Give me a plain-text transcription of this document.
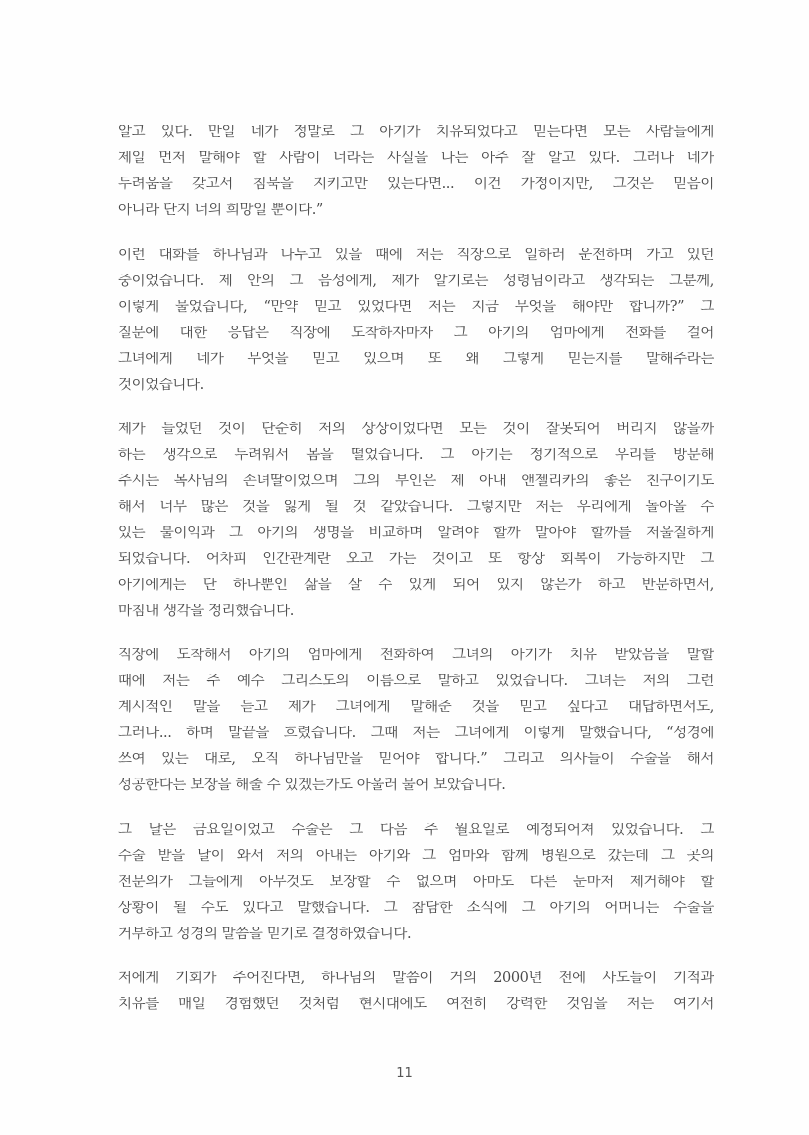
알고 있다. 만일 네가 정말로 그 아기가 치유되었다고 믿는다면 모든 사람들에게
제일 먼저 말해야 할 사람이 너라는 사실을 나는 아주 잘 알고 있다. 그러나 네가
두려움을 갖고서 침묵을 지키고만 있는다면... 이건 가정이지만, 그것은 믿음이
아니라 단지 너의 희망일 뿐이다.”
이런 대화를 하나님과 나누고 있을 때에 저는 직장으로 일하러 운전하며 가고 있던
중이었습니다. 제 안의 그 음성에게, 제가 알기로는 성령님이라고 생각되는 그분께,
이렇게 물었습니다, “만약 믿고 있었다면 저는 지금 무엇을 해야만 합니까?” 그
질문에 대한 응답은 직장에 도착하자마자 그 아기의 엄마에게 전화를 걸어
그녀에게 네가 무엇을 믿고 있으며 또 왜 그렇게 믿는지를 말해주라는
것이었습니다.
제가 들었던 것이 단순히 저의 상상이었다면 모든 것이 잘못되어 버리지 않을까
하는 생각으로 두려워서 몸을 떨었습니다. 그 아기는 정기적으로 우리를 방문해
주시는 목사님의 손녀딸이었으며 그의 부인은 제 아내 앤젤리카의 좋은 친구이기도
해서 너무 많은 것을 잃게 될 것 같았습니다. 그렇지만 저는 우리에게 돌아올 수
있는 불이익과 그 아기의 생명을 비교하며 알려야 할까 말아야 할까를 저울질하게
되었습니다. 어차피 인간관계란 오고 가는 것이고 또 항상 회복이 가능하지만 그
아기에게는 단 하나뿐인 삶을 살 수 있게 되어 있지 않은가 하고 반문하면서,
마침내 생각을 정리했습니다.
직장에 도착해서 아기의 엄마에게 전화하여 그녀의 아기가 치유 받았음을 말할
때에 저는 주 예수 그리스도의 이름으로 말하고 있었습니다. 그녀는 저의 그런
계시적인 말을 듣고 제가 그녀에게 말해준 것을 믿고 싶다고 대답하면서도,
그러나... 하며 말끝을 흐렸습니다. 그때 저는 그녀에게 이렇게 말했습니다, “성경에
쓰여 있는 대로, 오직 하나님만을 믿어야 합니다.” 그리고 의사들이 수술을 해서
성공한다는 보장을 해줄 수 있겠는가도 아울러 물어 보았습니다.
그 날은 금요일이었고 수술은 그 다음 주 월요일로 예정되어져 있었습니다. 그
수술 받을 날이 와서 저의 아내는 아기와 그 엄마와 함께 병원으로 갔는데 그 곳의
전문의가 그들에게 아무것도 보장할 수 없으며 아마도 다른 눈마저 제거해야 할
상황이 될 수도 있다고 말했습니다. 그 참담한 소식에 그 아기의 어머니는 수술을
거부하고 성경의 말씀을 믿기로 결정하였습니다.
저에게 기회가 주어진다면, 하나님의 말씀이 거의 2000년 전에 사도들이 기적과
치유를 매일 경험했던 것처럼 현시대에도 여전히 강력한 것임을 저는 여기서
11
